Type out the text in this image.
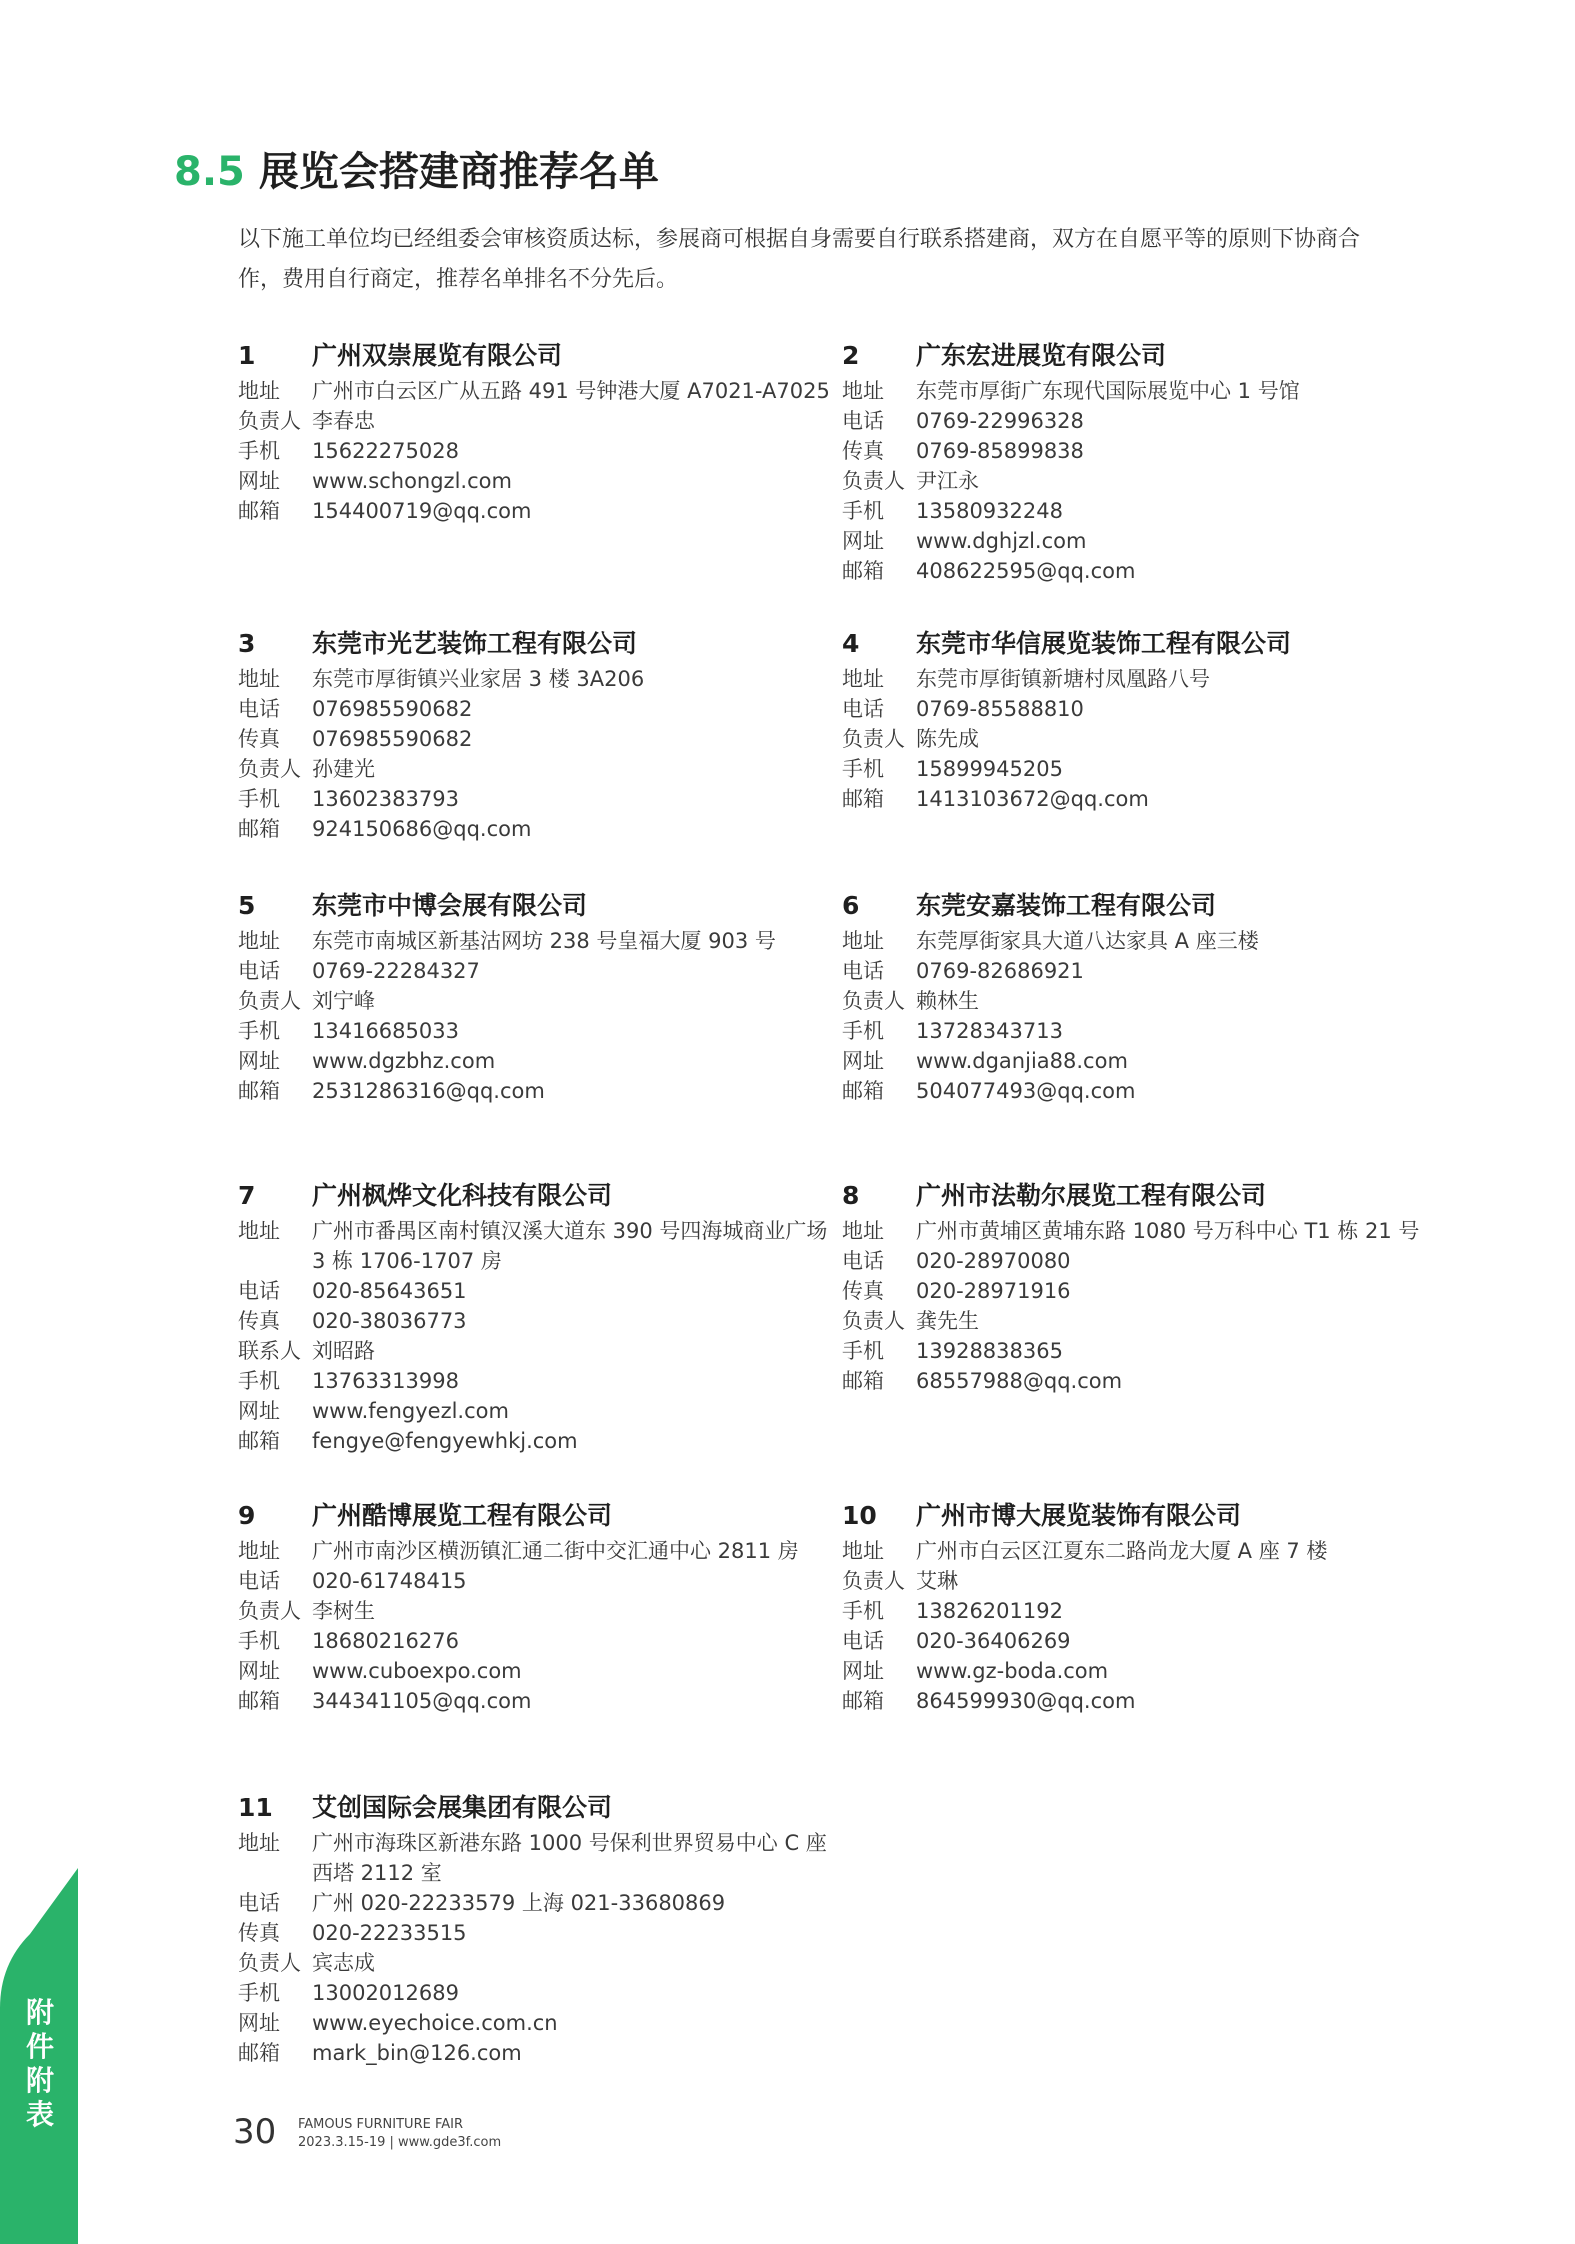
8.5 展览会搭建商推荐名单
以下施工单位均已经组委会审核资质达标，参展商可根据自身需要自行联系搭建商，双方在自愿平等的原则下协商合作，费用自行商定，推荐名单排名不分先后。
1	广州双崇展览有限公司
地址	广州市白云区广从五路 491 号钟港大厦 A7021-A7025
负责人 李春忠
手机	15622275028
网址	www.schongzl.com
邮箱	154400719@qq.com
2	广东宏进展览有限公司
地址	东莞市厚街广东现代国际展览中心 1 号馆
电话	0769-22996328
传真	0769-85899838
负责人 尹江永
手机	13580932248
网址	www.dghjzl.com
邮箱	408622595@qq.com
3	东莞市光艺装饰工程有限公司
地址	东莞市厚街镇兴业家居 3 楼 3A206
电话	076985590682
传真	076985590682
负责人 孙建光
手机	13602383793
邮箱	924150686@qq.com
4	东莞市华信展览装饰工程有限公司
地址	东莞市厚街镇新塘村凤凰路八号
电话	0769-85588810
负责人 陈先成
手机	15899945205
邮箱	1413103672@qq.com
5	东莞市中博会展有限公司
地址	东莞市南城区新基沽网坊 238 号皇福大厦 903 号
电话	0769-22284327
负责人 刘宁峰
手机	13416685033
网址	www.dgzbhz.com
邮箱	2531286316@qq.com
6	东莞安嘉装饰工程有限公司
地址	东莞厚街家具大道八达家具 A 座三楼
电话	0769-82686921
负责人 赖林生
手机	13728343713
网址	www.dganjia88.com
邮箱	504077493@qq.com
7	广州枫烨文化科技有限公司
地址	广州市番禺区南村镇汉溪大道东 390 号四海城商业广场 3 栋 1706-1707 房
电话	020-85643651
传真	020-38036773
联系人 刘昭路
手机	13763313998
网址	www.fengyezl.com
邮箱	fengye@fengyewhkj.com
8	广州市法勒尔展览工程有限公司
地址	广州市黄埔区黄埔东路 1080 号万科中心 T1 栋 21 号
电话	020-28970080
传真	020-28971916
负责人 龚先生
手机	13928838365
邮箱	68557988@qq.com
9	广州酷博展览工程有限公司
地址	广州市南沙区横沥镇汇通二街中交汇通中心 2811 房
电话	020-61748415
负责人 李树生
手机	18680216276
网址	www.cuboexpo.com
邮箱	344341105@qq.com
10	广州市博大展览装饰有限公司
地址	广州市白云区江夏东二路尚龙大厦 A 座 7 楼
负责人 艾琳
手机	13826201192
电话	020-36406269
网址	www.gz-boda.com
邮箱	864599930@qq.com
11	艾创国际会展集团有限公司
地址	广州市海珠区新港东路 1000 号保利世界贸易中心 C 座西塔 2112 室
电话	广州 020-22233579 上海 021-33680869
传真	020-22233515
负责人 宾志成
手机	13002012689
网址	www.eyechoice.com.cn
邮箱	mark_bin@126.com
附件附表	30 FAMOUS FURNITURE FAIR
2023.3.15-19 | www.gde3f.com
